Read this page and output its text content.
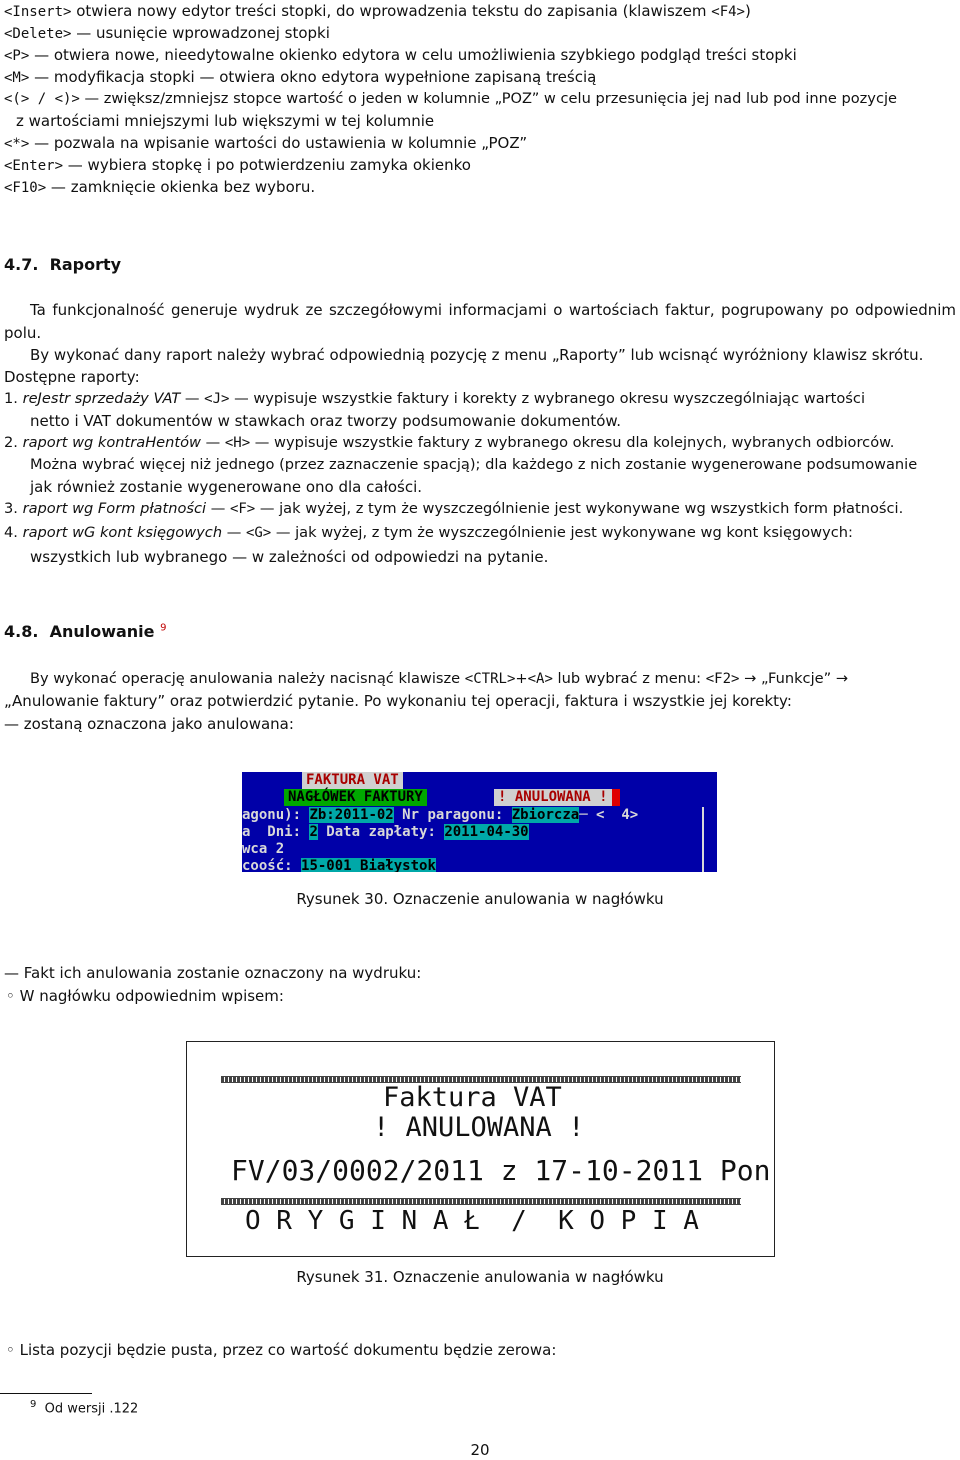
<Insert> otwiera nowy edytor treści stopki, do wprowadzenia tekstu do zapisania (klawiszem <F4>)
<Delete> — usunięcie wprowadzonej stopki
<P> — otwiera nowe, nieedytowalne okienko edytora w celu umożliwienia szybkiego podgląd treści stopki
<M> — modyfikacja stopki — otwiera okno edytora wypełnione zapisaną treścią
<(> / <)> — zwiększ/zmniejsz stopce wartość o jeden w kolumnie „POZ” w celu przesunięcia jej nad lub pod inne pozycje
z wartościami mniejszymi lub większymi w tej kolumnie
<*> — pozwala na wpisanie wartości do ustawienia w kolumnie „POZ”
<Enter> — wybiera stopkę i po potwierdzeniu zamyka okienko
<F10> — zamknięcie okienka bez wyboru.
4.7. Raporty
Ta funkcjonalność generuje wydruk ze szczegółowymi informacjami o wartościach faktur, pogrupowany po odpowiednim polu.
By wykonać dany raport należy wybrać odpowiednią pozycję z menu „Raporty” lub wcisnąć wyróżniony klawisz skrótu.
Dostępne raporty:
1. reJestr sprzedaży VAT — <J> — wypisuje wszystkie faktury i korekty z wybranego okresu wyszczególniając wartości
netto i VAT dokumentów w stawkach oraz tworzy podsumowanie dokumentów.
2. raport wg kontraHentów — <H> — wypisuje wszystkie faktury z wybranego okresu dla kolejnych, wybranych odbiorców.
Można wybrać więcej niż jednego (przez zaznaczenie spacją); dla każdego z nich zostanie wygenerowane podsumowanie
jak również zostanie wygenerowane ono dla całości.
3. raport wg Form płatności — <F> — jak wyżej, z tym że wyszczególnienie jest wykonywane wg wszystkich form płatności.
4. raport wG kont księgowych — <G> — jak wyżej, z tym że wyszczególnienie jest wykonywane wg kont księgowych:
wszystkich lub wybranego — w zależności od odpowiedzi na pytanie.
4.8. Anulowanie $^9$
By wykonać operację anulowania należy nacisnąć klawisze <CTRL>+<A> lub wybrać z menu: <F2> → „Funkcje” →
„Anulowanie faktury” oraz potwierdzić pytanie. Po wykonaniu tej operacji, faktura i wszystkie jej korekty:
— zostaną oznaczona jako anulowana:
FAKTURA VAT
NAGŁÓWEK FAKTURY	! ANULOWANA !
agonu): Zb:2011-02 Nr paragonu: Zbiorcza─ <  4>
a  Dni: 2 Data zapłaty: 2011-04-30
wca 2
coość: 15-001 Białystok
Rysunek 30. Oznaczenie anulowania w nagłówku
— Fakt ich anulowania zostanie oznaczony na wydruku:
◦ W nagłówku odpowiednim wpisem:
Faktura VAT
! ANULOWANA !
FV/03/0002/2011 z 17-10-2011 Pon
O R Y G I N A Ł  /  K O P I A
Rysunek 31. Oznaczenie anulowania w nagłówku
◦ Lista pozycji będzie pusta, przez co wartość dokumentu będzie zerowa:
$^9$ Od wersji .122
20
